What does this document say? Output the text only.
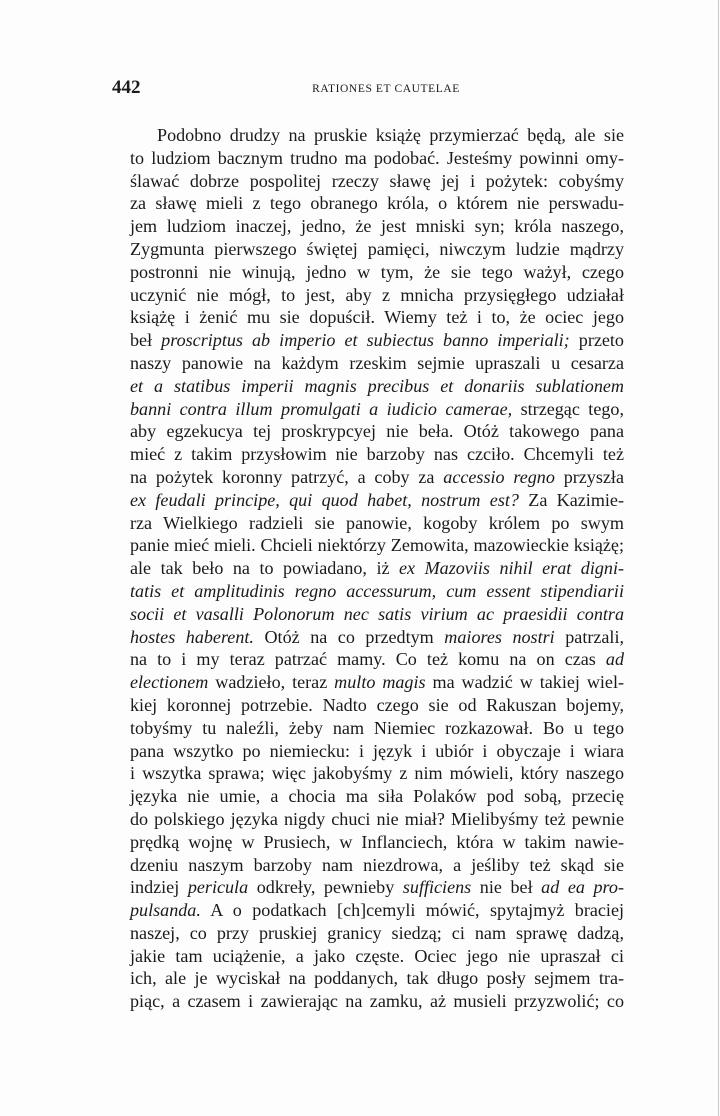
442	RATIONES ET CAUTELAE
Podobno drudzy na pruskie książę przymierzać będą, ale sie
to ludziom bacznym trudno ma podobać. Jesteśmy powinni omy-
ślawać dobrze pospolitej rzeczy sławę jej i pożytek: cobyśmy
za sławę mieli z tego obranego króla, o którem nie perswadu-
jem ludziom inaczej, jedno, że jest mniski syn; króla naszego,
Zygmunta pierwszego świętej pamięci, niwczym ludzie mądrzy
postronni nie winują, jedno w tym, że sie tego ważył, czego
uczynić nie mógł, to jest, aby z mnicha przysięgłego udziałał
książę i żenić mu sie dopuścił. Wiemy też i to, że ociec jego
beł proscriptus ab imperio et subiectus banno imperiali; przeto
naszy panowie na każdym rzeskim sejmie upraszali u cesarza
et a statibus imperii magnis precibus et donariis sublationem
banni contra illum promulgati a iudicio camerae, strzegąc tego,
aby egzekucya tej proskrypcyej nie beła. Otóż takowego pana
mieć z takim przysłowim nie barzoby nas czciło. Chcemyli też
na pożytek koronny patrzyć, a coby za accessio regno przyszła
ex feudali principe, qui quod habet, nostrum est? Za Kazimie-
rza Wielkiego radzieli sie panowie, kogoby królem po swym
panie mieć mieli. Chcieli niektórzy Zemowita, mazowieckie książę;
ale tak beło na to powiadano, iż ex Mazoviis nihil erat digni-
tatis et amplitudinis regno accessurum, cum essent stipendiarii
socii et vasalli Polonorum nec satis virium ac praesidii contra
hostes haberent. Otóż na co przedtym maiores nostri patrzali,
na to i my teraz patrzać mamy. Co też komu na on czas ad
electionem wadzieło, teraz multo magis ma wadzić w takiej wiel-
kiej koronnej potrzebie. Nadto czego sie od Rakuszan bojemy,
tobyśmy tu naleźli, żeby nam Niemiec rozkazował. Bo u tego
pana wszytko po niemiecku: i język i ubiór i obyczaje i wiara
i wszytka sprawa; więc jakobyśmy z nim mówieli, który naszego
języka nie umie, a chocia ma siła Polaków pod sobą, przecię
do polskiego języka nigdy chuci nie miał? Mielibyśmy też pewnie
prędką wojnę w Prusiech, w Inflanciech, która w takim nawie-
dzeniu naszym barzoby nam niezdrowa, a jeśliby też skąd sie
indziej pericula odkreły, pewnieby sufficiens nie beł ad ea pro-
pulsanda. A o podatkach [ch]cemyli mówić, spytajmyż braciej
naszej, co przy pruskiej granicy siedzą; ci nam sprawę dadzą,
jakie tam uciążenie, a jako częste. Ociec jego nie upraszał ci
ich, ale je wyciskał na poddanych, tak długo posły sejmem tra-
piąc, a czasem i zawierając na zamku, aż musieli przyzwolić; co
